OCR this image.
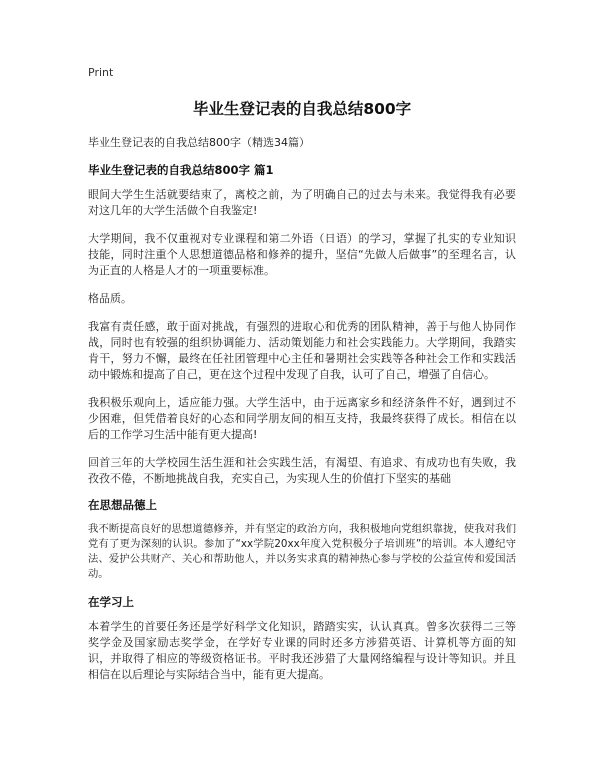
Print
毕业生登记表的自我总结800字
毕业生登记表的自我总结800字（精选34篇）
毕业生登记表的自我总结800字 篇1

眼间大学生生活就要结束了，离校之前，为了明确自己的过去与未来。我觉得我有必要对这几年的大学生活做个自我鉴定!

大学期间，我不仅重视对专业课程和第二外语（日语）的学习，掌握了扎实的专业知识技能，同时注重个人思想道德品格和修养的提升，坚信“先做人后做事”的至理名言，认为正直的人格是人才的一项重要标准。

格品质。

我富有责任感，敢于面对挑战，有强烈的进取心和优秀的团队精神，善于与他人协同作战，同时也有较强的组织协调能力、活动策划能力和社会实践能力。大学期间，我踏实肯干，努力不懈，最终在任社团管理中心主任和暑期社会实践等各种社会工作和实践活动中锻炼和提高了自己，更在这个过程中发现了自我，认可了自己，增强了自信心。

我积极乐观向上，适应能力强。大学生活中，由于远离家乡和经济条件不好，遇到过不少困难，但凭借着良好的心态和同学朋友间的相互支持，我最终获得了成长。相信在以后的工作学习生活中能有更大提高!

回首三年的大学校园生活生涯和社会实践生活，有渴望、有追求、有成功也有失败，我孜孜不倦，不断地挑战自我，充实自己，为实现人生的价值打下坚实的基础

在思想品德上

我不断提高良好的思想道德修养，并有坚定的政治方向，我积极地向党组织靠拢，使我对我们党有了更为深刻的认识。参加了“xx学院20xx年度入党积极分子培训班”的培训。本人遵纪守法、爱护公共财产、关心和帮助他人，并以务实求真的精神热心参与学校的公益宣传和爱国活动。

在学习上

本着学生的首要任务还是学好科学文化知识，踏踏实实，认认真真。曾多次获得二三等奖学金及国家励志奖学金，在学好专业课的同时还多方涉猎英语、计算机等方面的知识，并取得了相应的等级资格证书。平时我还涉猎了大量网络编程与设计等知识。并且相信在以后理论与实际结合当中，能有更大提高。
